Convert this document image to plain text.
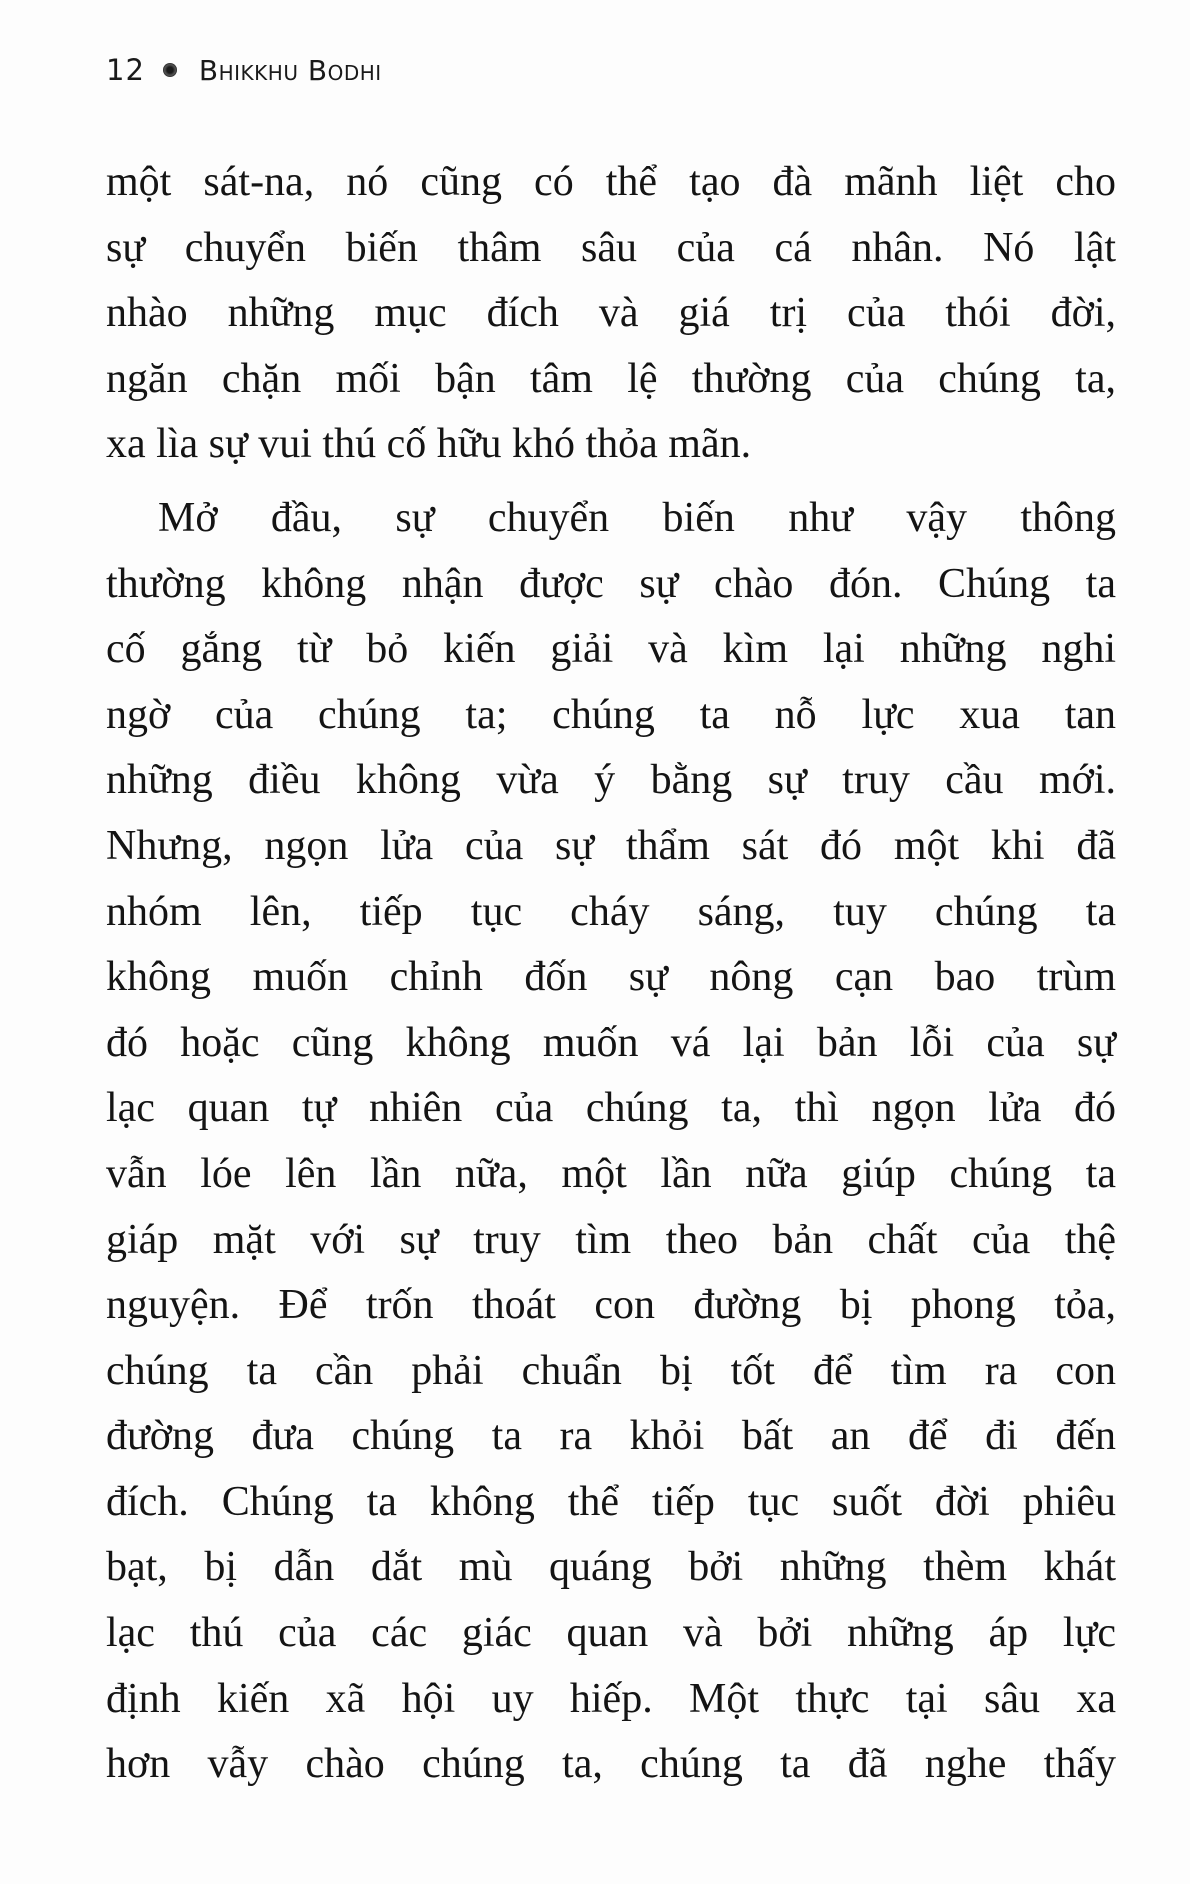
12 Bhikkhu Bodhi
một sát-na, nó cũng có thể tạo đà mãnh liệt cho
sự chuyển biến thâm sâu của cá nhân. Nó lật
nhào những mục đích và giá trị của thói đời,
ngăn chặn mối bận tâm lệ thường của chúng ta,
xa lìa sự vui thú cố hữu khó thỏa mãn.
Mở đầu, sự chuyển biến như vậy thông
thường không nhận được sự chào đón. Chúng ta
cố gắng từ bỏ kiến giải và kìm lại những nghi
ngờ của chúng ta; chúng ta nỗ lực xua tan
những điều không vừa ý bằng sự truy cầu mới.
Nhưng, ngọn lửa của sự thẩm sát đó một khi đã
nhóm lên, tiếp tục cháy sáng, tuy chúng ta
không muốn chỉnh đốn sự nông cạn bao trùm
đó hoặc cũng không muốn vá lại bản lỗi của sự
lạc quan tự nhiên của chúng ta, thì ngọn lửa đó
vẫn lóe lên lần nữa, một lần nữa giúp chúng ta
giáp mặt với sự truy tìm theo bản chất của thệ
nguyện. Để trốn thoát con đường bị phong tỏa,
chúng ta cần phải chuẩn bị tốt để tìm ra con
đường đưa chúng ta ra khỏi bất an để đi đến
đích. Chúng ta không thể tiếp tục suốt đời phiêu
bạt, bị dẫn dắt mù quáng bởi những thèm khát
lạc thú của các giác quan và bởi những áp lực
định kiến xã hội uy hiếp. Một thực tại sâu xa
hơn vẫy chào chúng ta, chúng ta đã nghe thấy
